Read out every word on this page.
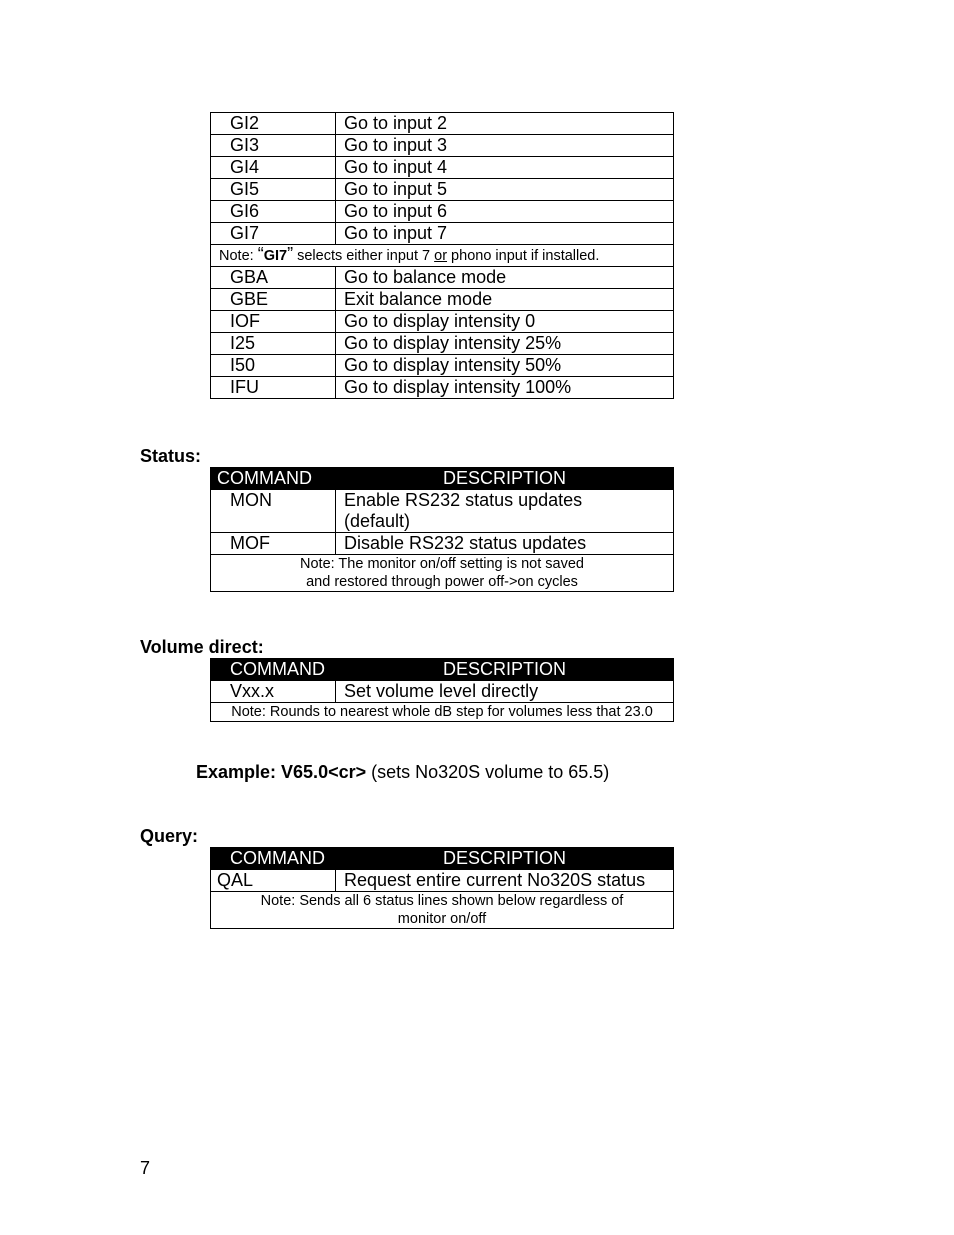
GI2	Go to input 2
GI3	Go to input 3
GI4	Go to input 4
GI5	Go to input 5
GI6	Go to input 6
GI7	Go to input 7
Note: “GI7” selects either input 7 or phono input if installed.	
GBA	Go to balance mode
GBE	Exit balance mode
IOF	Go to display intensity 0
I25	Go to display intensity 25%
I50	Go to display intensity 50%
IFU	Go to display intensity 100%
Status:
COMMAND	DESCRIPTION
MON	Enable RS232 status updates (default)
MOF	Disable RS232 status updates
Note: The monitor on/off setting is not saved
and restored through power off->on cycles	
Volume direct:
COMMAND	DESCRIPTION
Vxx.x	Set volume level directly
Note: Rounds to nearest whole dB step for volumes less that 23.0	
Example: V65.0<cr> (sets No320S volume to 65.5)
Query:
COMMAND	DESCRIPTION
QAL	Request entire current No320S status
Note: Sends all 6 status lines shown below regardless of monitor on/off	
7
